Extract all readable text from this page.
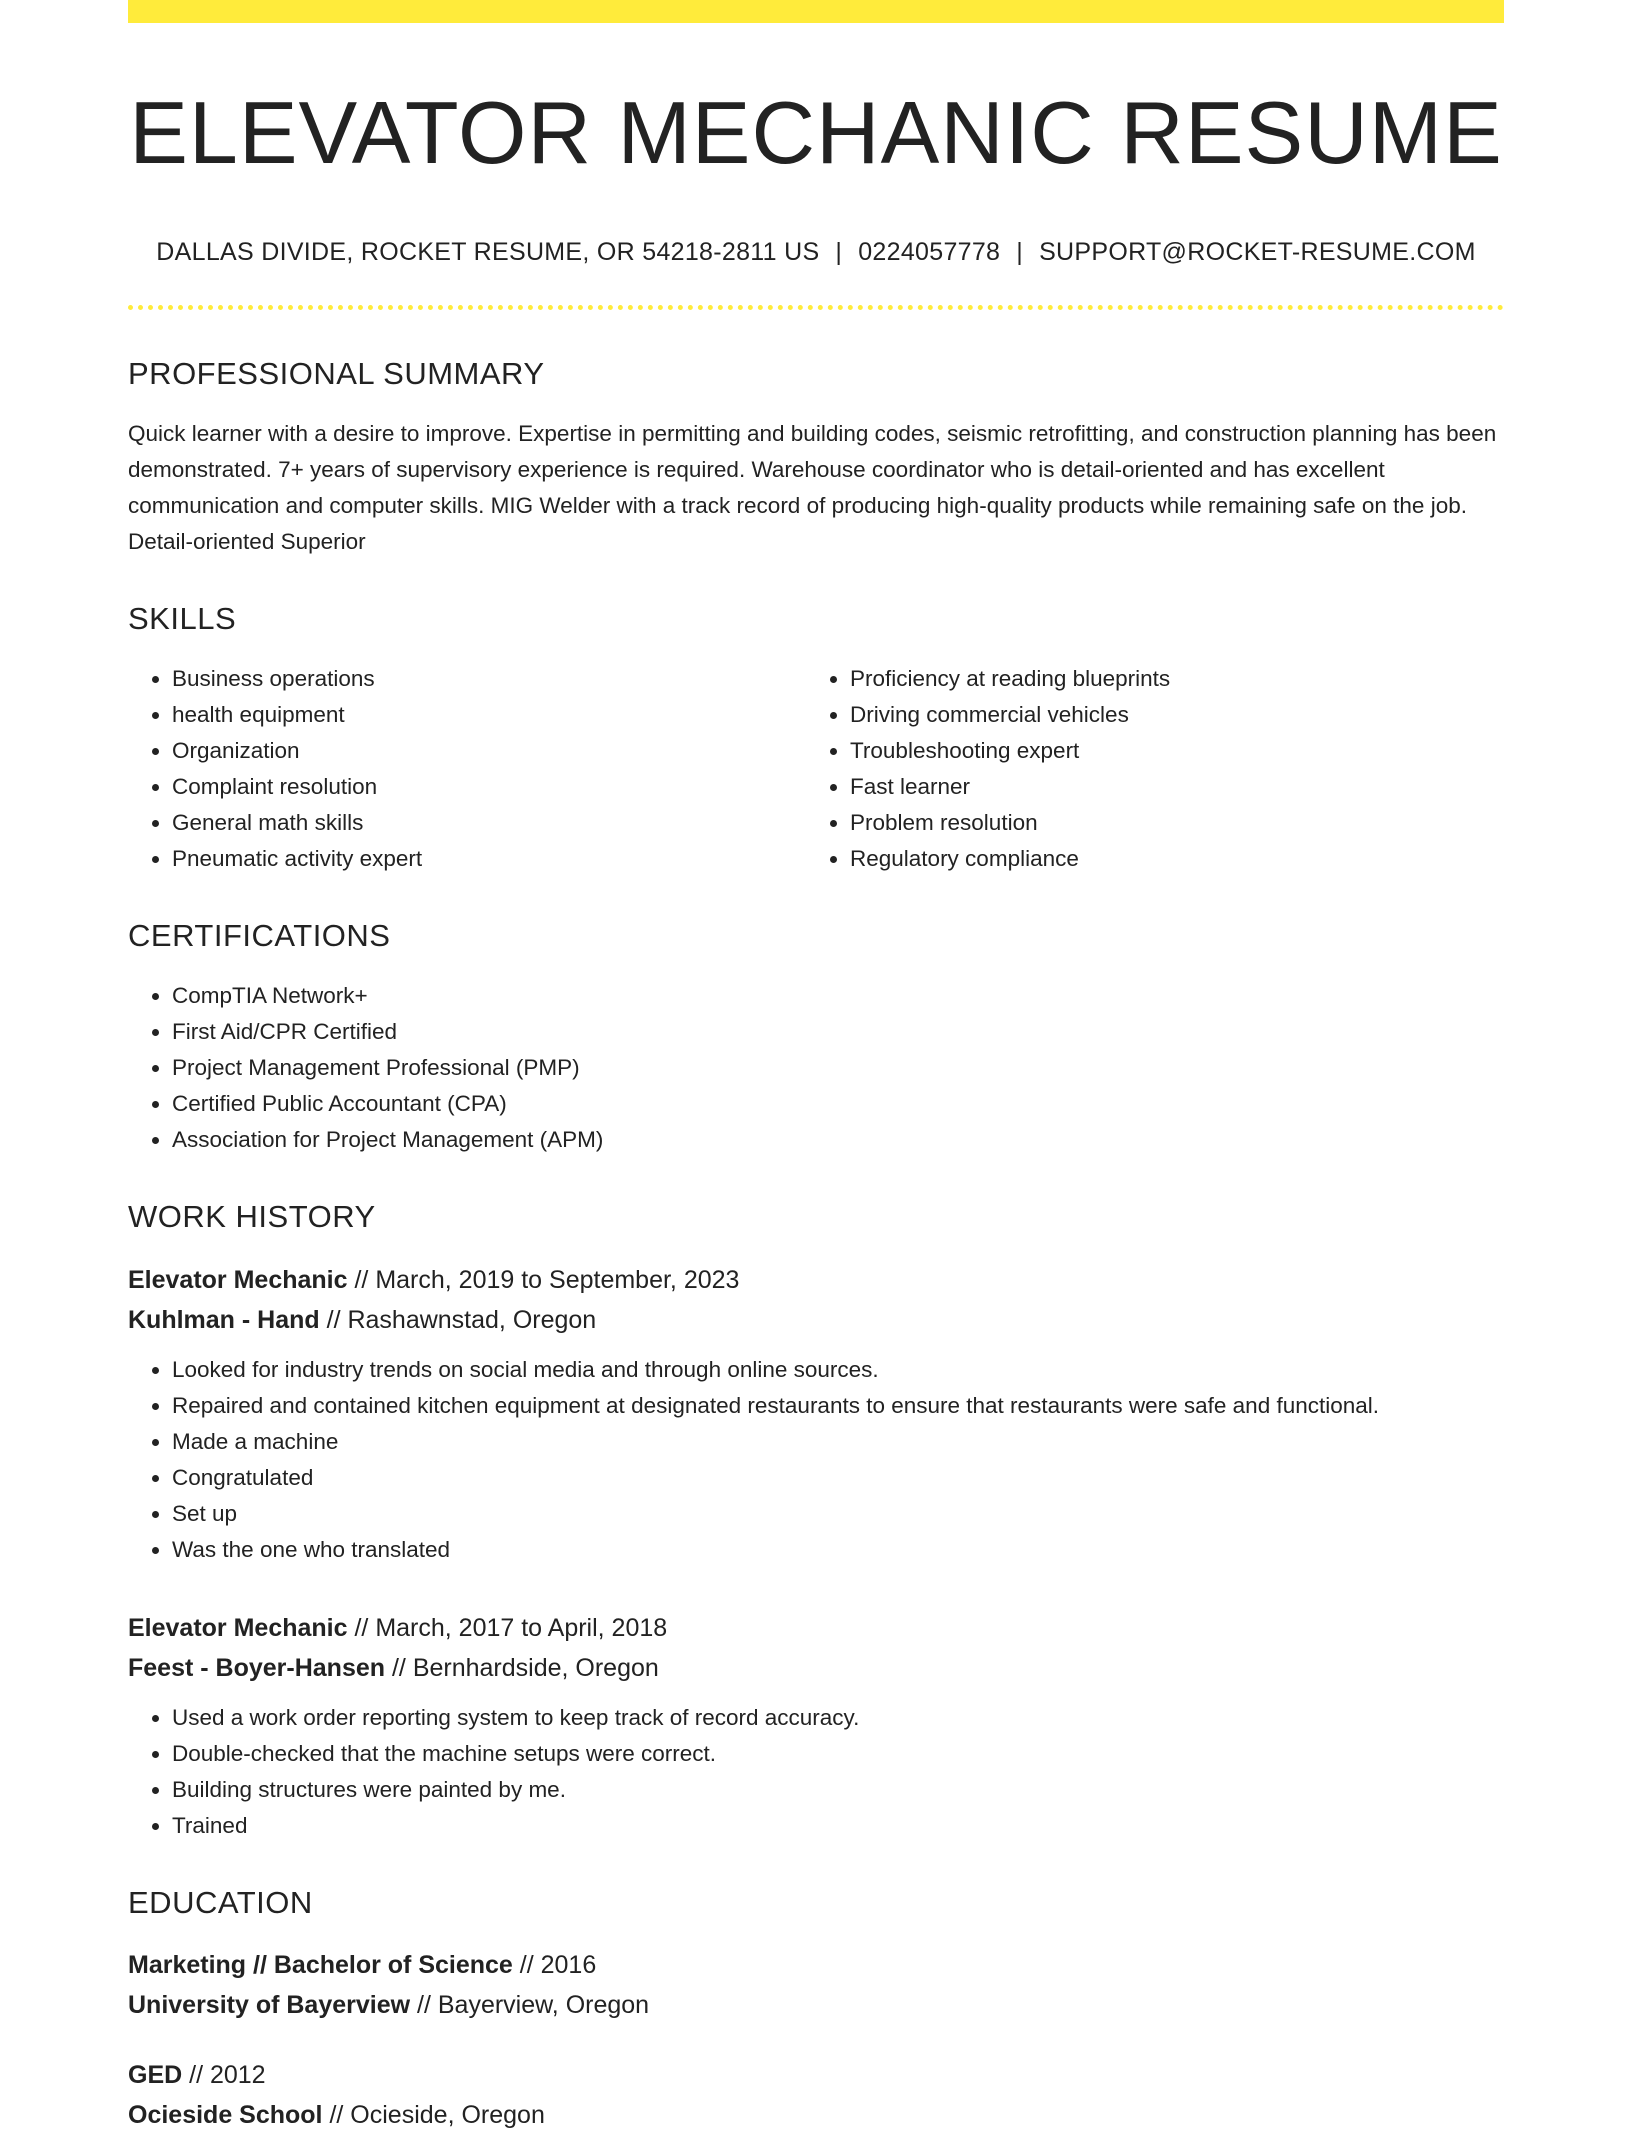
ELEVATOR MECHANIC RESUME
DALLAS DIVIDE, ROCKET RESUME, OR 54218-2811 US | 0224057778 | SUPPORT@ROCKET-RESUME.COM
PROFESSIONAL SUMMARY

Quick learner with a desire to improve. Expertise in permitting and building codes, seismic retrofitting, and construction planning has been demonstrated. 7+ years of supervisory experience is required. Warehouse coordinator who is detail-oriented and has excellent communication and computer skills. MIG Welder with a track record of producing high-quality products while remaining safe on the job. Detail-oriented Superior

SKILLS
• Business operations
• health equipment
• Organization
• Complaint resolution
• General math skills
• Pneumatic activity expert
• Proficiency at reading blueprints
• Driving commercial vehicles
• Troubleshooting expert
• Fast learner
• Problem resolution
• Regulatory compliance
CERTIFICATIONS
• CompTIA Network+
• First Aid/CPR Certified
• Project Management Professional (PMP)
• Certified Public Accountant (CPA)
• Association for Project Management (APM)
WORK HISTORY

Elevator Mechanic // March, 2019 to September, 2023

Kuhlman - Hand // Rashawnstad, Oregon

• Looked for industry trends on social media and through online sources.
• Repaired and contained kitchen equipment at designated restaurants to ensure that restaurants were safe and functional.
• Made a machine
• Congratulated
• Set up
• Was the one who translated

Elevator Mechanic // March, 2017 to April, 2018

Feest - Boyer-Hansen // Bernhardside, Oregon

• Used a work order reporting system to keep track of record accuracy.
• Double-checked that the machine setups were correct.
• Building structures were painted by me.
• Trained
EDUCATION

Marketing // Bachelor of Science // 2016

University of Bayerview // Bayerview, Oregon

GED // 2012

Ocieside School // Ocieside, Oregon
